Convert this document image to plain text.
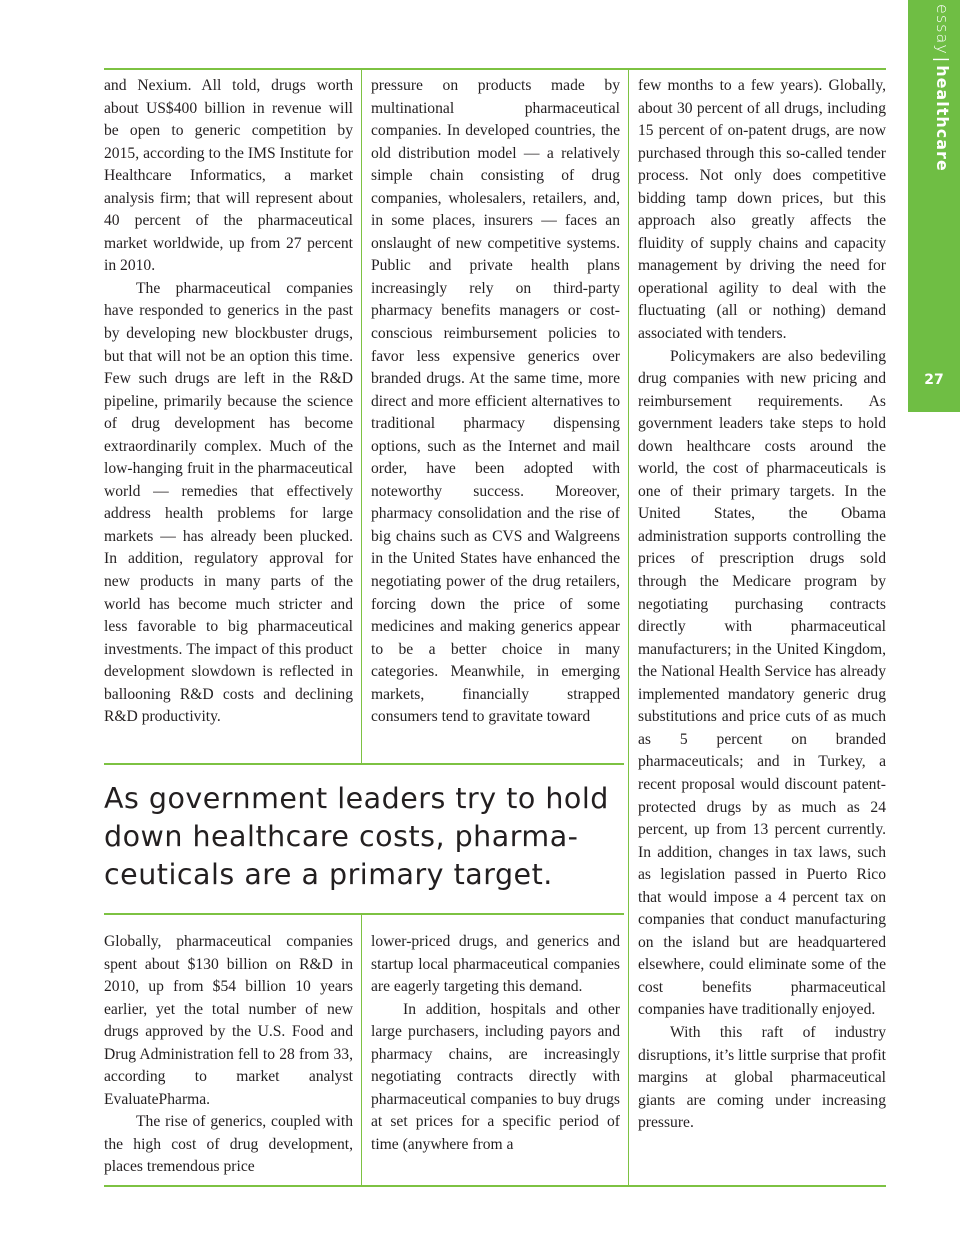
and Nexium. All told, drugs worth about US$400 billion in revenue will be open to generic competition by 2015, according to the IMS Institute for Healthcare Informatics, a market analysis firm; that will represent about 40 percent of the pharmaceutical market worldwide, up from 27 percent in 2010.

The pharmaceutical companies have responded to generics in the past by developing new blockbuster drugs, but that will not be an option this time. Few such drugs are left in the R&D pipeline, primarily because the science of drug development has become extraordinarily complex. Much of the low-hanging fruit in the pharmaceutical world — remedies that effectively address health problems for large markets — has already been plucked. In addition, regulatory approval for new products in many parts of the world has become much stricter and less favorable to big pharmaceutical investments. The impact of this product development slowdown is reflected in ballooning R&D costs and declining R&D productivity.

pressure on products made by multinational pharmaceutical companies. In developed countries, the old distribution model — a relatively simple chain consisting of drug companies, wholesalers, retailers, and, in some places, insurers — faces an onslaught of new competitive systems. Public and private health plans increasingly rely on third-party pharmacy benefits managers or cost-conscious reimbursement policies to favor less expensive generics over branded drugs. At the same time, more direct and more efficient alternatives to traditional pharmacy dispensing options, such as the Internet and mail order, have been adopted with noteworthy success. Moreover, pharmacy consolidation and the rise of big chains such as CVS and Walgreens in the United States have enhanced the negotiating power of the drug retailers, forcing down the price of some medicines and making generics appear to be a better choice in many categories. Meanwhile, in emerging markets, financially strapped consumers tend to gravitate toward

few months to a few years). Globally, about 30 percent of all drugs, including 15 percent of on-patent drugs, are now purchased through this so-called tender process. Not only does competitive bidding tamp down prices, but this approach also greatly affects the fluidity of supply chains and capacity management by driving the need for operational agility to deal with the fluctuating (all or nothing) demand associated with tenders.

Policymakers are also bedeviling drug companies with new pricing and reimbursement requirements. As government leaders take steps to hold down healthcare costs around the world, the cost of pharmaceuticals is one of their primary targets. In the United States, the Obama administration supports controlling the prices of prescription drugs sold through the Medicare program by negotiating purchasing contracts directly with pharmaceutical manufacturers; in the United Kingdom, the National Health Service has already implemented mandatory generic drug substitutions and price cuts of as much as 5 percent on branded pharmaceuticals; and in Turkey, a recent proposal would discount patent-protected drugs by as much as 24 percent, up from 13 percent currently. In addition, changes in tax laws, such as legislation passed in Puerto Rico that would impose a 4 percent tax on companies that conduct manufacturing on the island but are headquartered elsewhere, could eliminate some of the cost benefits pharmaceutical companies have traditionally enjoyed.

With this raft of industry disruptions, it’s little surprise that profit margins at global pharmaceutical giants are coming under increasing pressure.

As government leaders try to hold down healthcare costs, pharma-ceuticals are a primary target.

Globally, pharmaceutical companies spent about $130 billion on R&D in 2010, up from $54 billion 10 years earlier, yet the total number of new drugs approved by the U.S. Food and Drug Administration fell to 28 from 33, according to market analyst EvaluatePharma.

The rise of generics, coupled with the high cost of drug development, places tremendous price

lower-priced drugs, and generics and startup local pharmaceutical companies are eagerly targeting this demand.

In addition, hospitals and other large purchasers, including payors and pharmacy chains, are increasingly negotiating contracts directly with pharmaceutical companies to buy drugs at set prices for a specific period of time (anywhere from a

essay|healthcare
27
